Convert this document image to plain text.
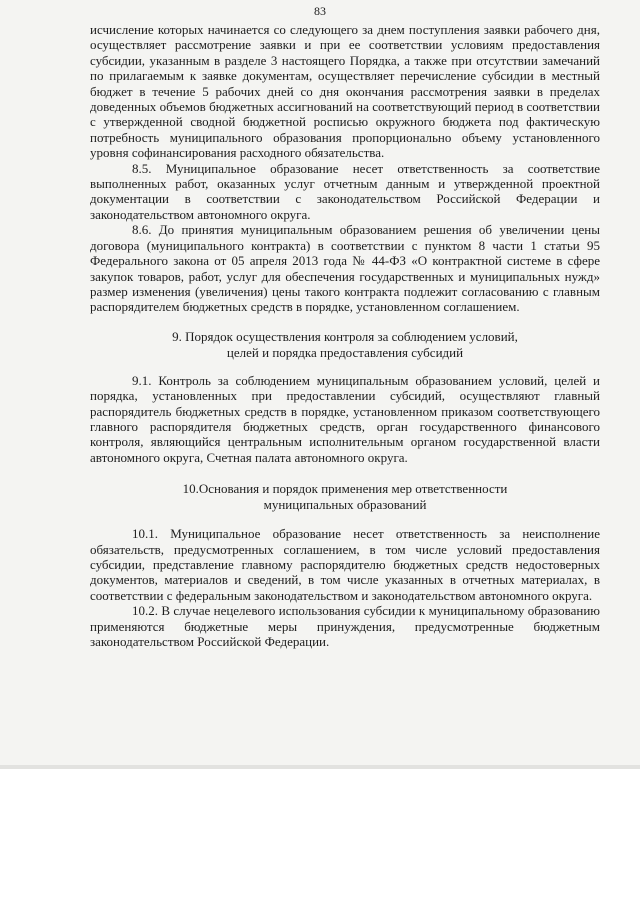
83

исчисление которых начинается со следующего за днем поступления заявки рабочего дня, осуществляет рассмотрение заявки и при ее соответствии условиям предоставления субсидии, указанным в разделе 3 настоящего Порядка, а также при отсутствии замечаний по прилагаемым к заявке документам, осуществляет перечисление субсидии в местный бюджет в течение 5 рабочих дней со дня окончания рассмотрения заявки в пределах доведенных объемов бюджетных ассигнований на соответствующий период в соответствии с утвержденной сводной бюджетной росписью окружного бюджета под фактическую потребность муниципального образования пропорционально объему установленного уровня софинансирования расходного обязательства.

8.5. Муниципальное образование несет ответственность за соответствие выполненных работ, оказанных услуг отчетным данным и утвержденной проектной документации в соответствии с законодательством Российской Федерации и законодательством автономного округа.

8.6. До принятия муниципальным образованием решения об увеличении цены договора (муниципального контракта) в соответствии с пунктом 8 части 1 статьи 95 Федерального закона от 05 апреля 2013 года № 44-ФЗ «О контрактной системе в сфере закупок товаров, работ, услуг для обеспечения государственных и муниципальных нужд» размер изменения (увеличения) цены такого контракта подлежит согласованию с главным распорядителем бюджетных средств в порядке, установленном соглашением.

9. Порядок осуществления контроля за соблюдением условий,
целей и порядка предоставления субсидий

9.1. Контроль за соблюдением муниципальным образованием условий, целей и порядка, установленных при предоставлении субсидий, осуществляют главный распорядитель бюджетных средств в порядке, установленном приказом соответствующего главного распорядителя бюджетных средств, орган государственного финансового контроля, являющийся центральным исполнительным органом государственной власти автономного округа, Счетная палата автономного округа.

10.Основания и порядок применения мер ответственности
муниципальных образований

10.1. Муниципальное образование несет ответственность за неисполнение обязательств, предусмотренных соглашением, в том числе условий предоставления субсидии, представление главному распорядителю бюджетных средств недостоверных документов, материалов и сведений, в том числе указанных в отчетных материалах, в соответствии с федеральным законодательством и законодательством автономного округа.

10.2. В случае нецелевого использования субсидии к муниципальному образованию применяются бюджетные меры принуждения, предусмотренные бюджетным законодательством Российской Федерации.
